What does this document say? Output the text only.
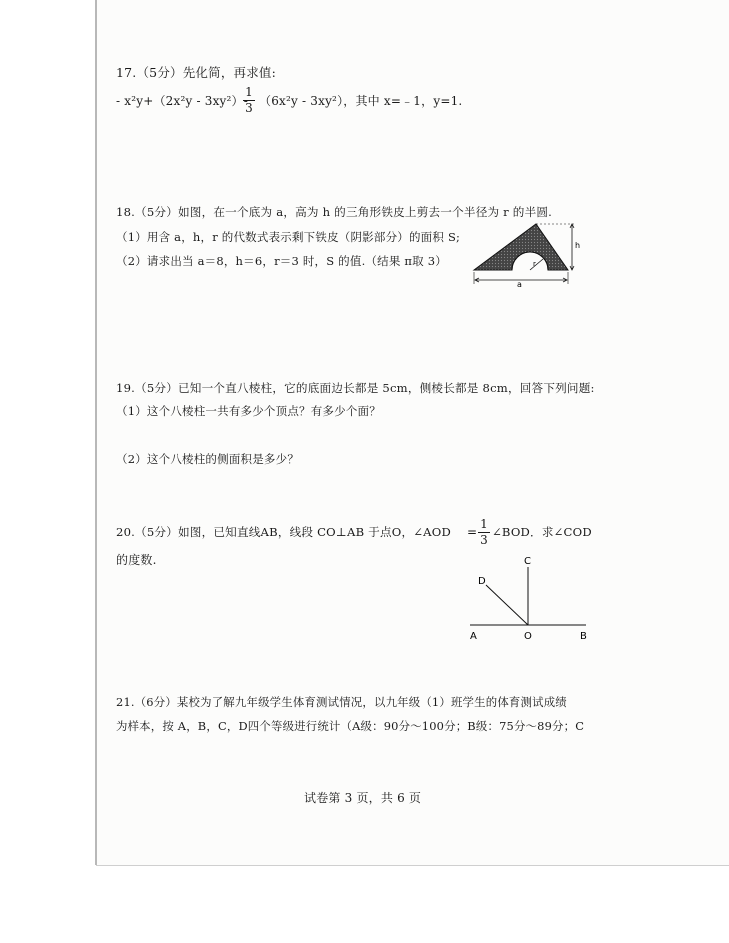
17.（5分）先化简，再求值:
- x²y+（2x²y - 3xy²）-
1
3 （6x²y - 3xy²），其中 x=﹣1，y=1.
18.（5分）如图，在一个底为 a，高为 h 的三角形铁皮上剪去一个半径为 r 的半圆.
（1）用含 a，h，r 的代数式表示剩下铁皮（阴影部分）的面积 S;
（2）请求出当 a＝8，h＝6，r＝3 时，S 的值.（结果 π取 3）	r
h
a
19.（5分）已知一个直八棱柱，它的底面边长都是 5cm，侧棱长都是 8cm，回答下列问题:
（1）这个八棱柱一共有多少个顶点？有多少个面？
（2）这个八棱柱的侧面积是多少？
20.（5分）如图，已知直线AB，线段 CO⊥AB 于点O，∠AOD =
1
3
∠BOD．求∠COD
的度数.
A	B
O
C
D
21.（6分）某校为了解九年级学生体育测试情况，以九年级（1）班学生的体育测试成绩
为样本，按 A，B，C，D四个等级进行统计（A级：90分～100分；B级：75分～89分；C
试卷第 3 页，共 6 页
